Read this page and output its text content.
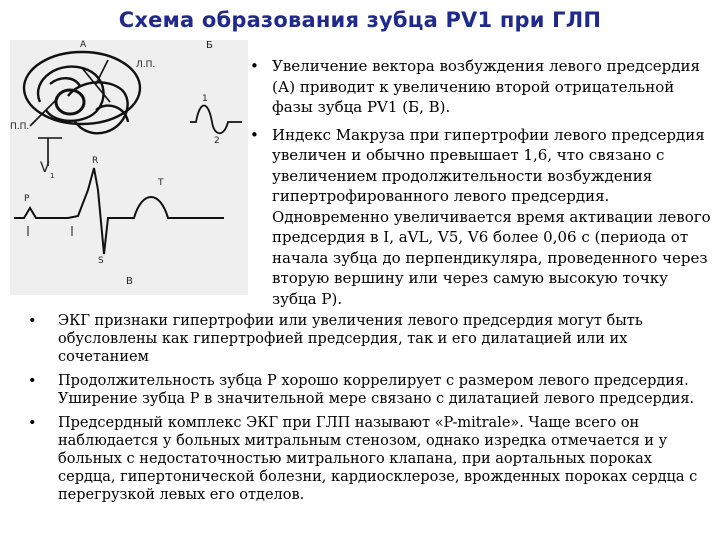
Схема образования зубца PV1 при ГЛП
A
Л.П.
П.П.
Б
V 1
1
2
P
R
T
S
В
• Увеличение вектора возбуждения левого предсердия (А) приводит к увеличению второй отрицательной фазы зубца PV1 (Б, В).
• Индекс Макруза при гипертрофии левого предсердия увеличен и обычно превышает 1,6, что связано с увеличением продолжительности возбуждения гипертрофированного левого предсердия. Одновременно увеличивается время активации левого предсердия в I, aVL, V5, V6 более 0,06 с (периода от начала зубца до перпендикуляра, проведенного через вторую вершину или через самую высокую точку зубца Р).
• ЭКГ признаки гипертрофии или увеличения левого предсердия могут быть обусловлены как гипертрофией предсердия, так и его дилатацией или их сочетанием
• Продолжительность зубца Р хорошо коррелирует с размером левого предсердия. Уширение зубца Р в значительной мере связано с дилатацией левого предсердия.
• Предсердный комплекс ЭКГ при ГЛП называют «P-mitrale». Чаще всего он наблюдается у больных митральным стенозом, однако изредка отмечается и у больных с недостаточностью митрального клапана, при аортальных пороках сердца, гипертонической болезни, кардиосклерозе, врожденных пороках сердца с перегрузкой левых его отделов.
